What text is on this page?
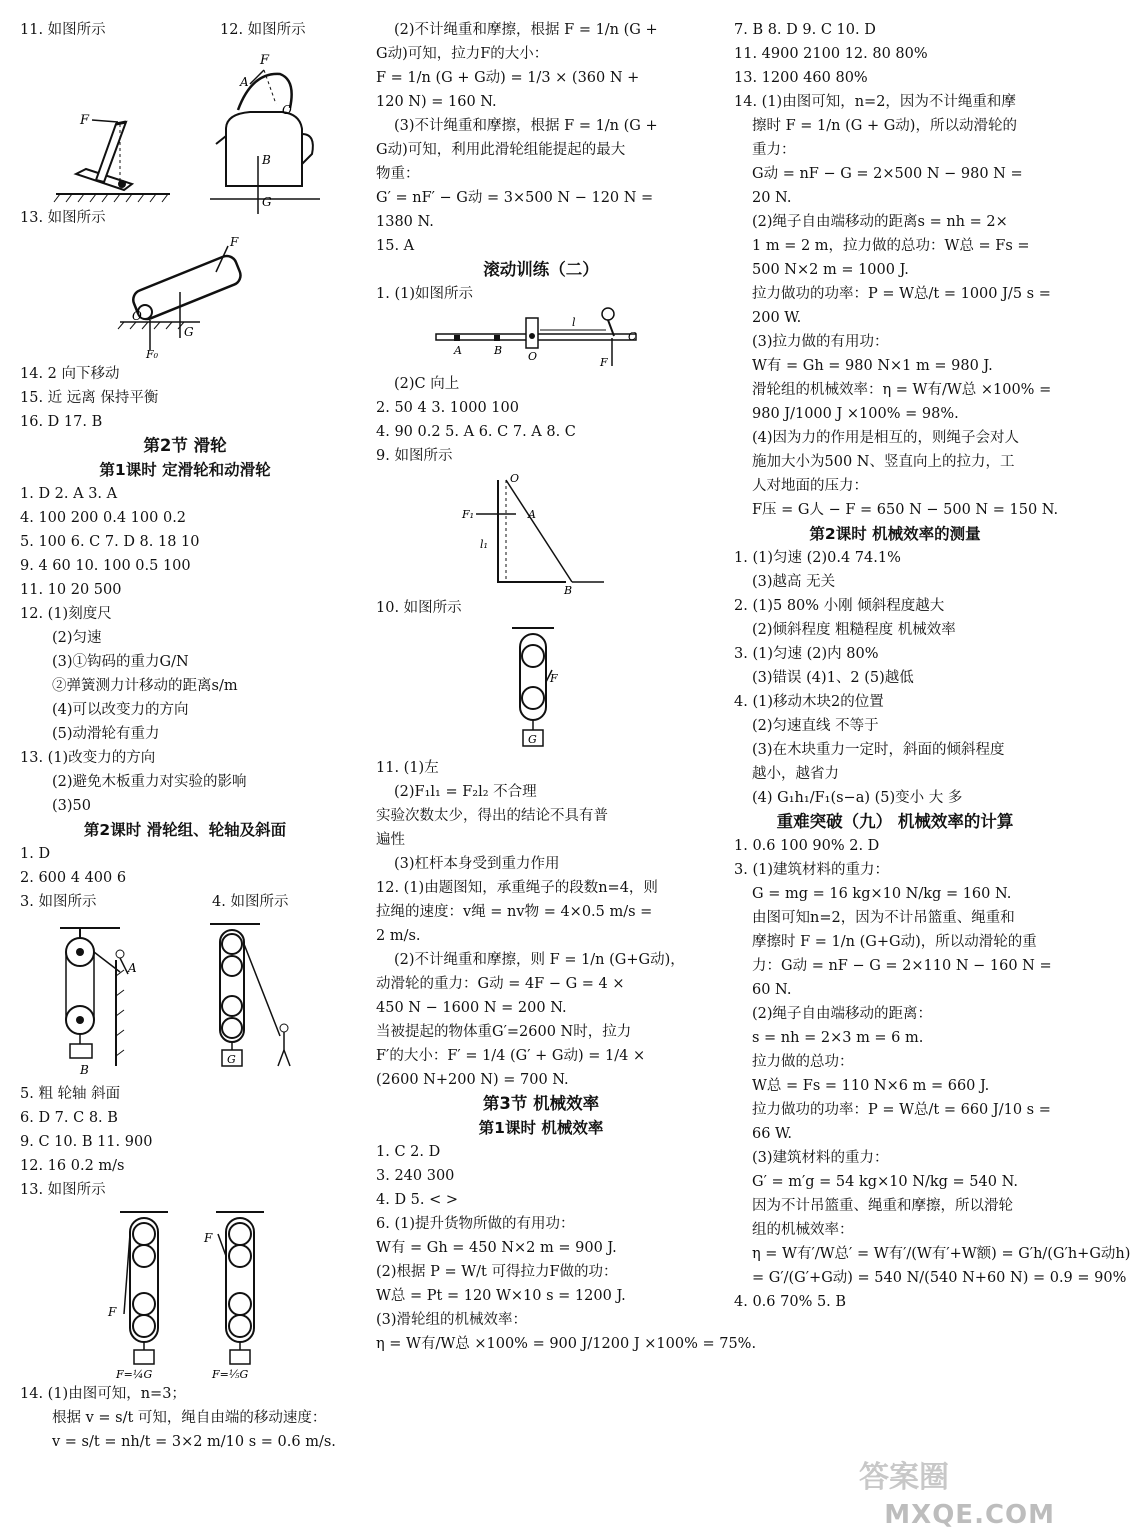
11. 如图所示	12. 如图所示
F
F
A
O
B
G
13. 如图所示
F
O
G
F₀
14. 2 向下移动
15. 近 远离 保持平衡
16. D 17. B
第2节 滑轮
第1课时 定滑轮和动滑轮
1. D 2. A 3. A
4. 100 200 0.4 100 0.2
5. 100 6. C 7. D 8. 18 10
9. 4 60 10. 100 0.5 100
11. 10 20 500
12. (1)刻度尺
(2)匀速
(3)①钩码的重力G/N
②弹簧测力计移动的距离s/m
(4)可以改变力的方向
(5)动滑轮有重力
13. (1)改变力的方向
(2)避免木板重力对实验的影响
(3)50
第2课时 滑轮组、轮轴及斜面
1. D
2. 600 4 400 6
3. 如图所示	4. 如图所示
B
A
G
5. 粗 轮轴 斜面
6. D 7. C 8. B
9. C 10. B 11. 900
12. 16 0.2 m/s
13. 如图所示
F
F=¼G
F
F=⅕G
14. (1)由图可知，n=3；
根据 v = s/t 可知，绳自由端的移动速度：
v = s/t = nh/t = 3×2 m/10 s = 0.6 m/s.
(2)不计绳重和摩擦，根据 F = 1/n (G +
G动)可知，拉力F的大小：
F = 1/n (G + G动) = 1/3 × (360 N +
120 N) = 160 N.
(3)不计绳重和摩擦，根据 F = 1/n (G +
G动)可知，利用此滑轮组能提起的最大
物重：
G′ = nF′ − G动 = 3×500 N − 120 N =
1380 N.
15. A
滚动训练（二）
1. (1)如图所示
A	B O
l
C
F
(2)C 向上
2. 50 4 3. 1000 100
4. 90 0.2 5. A 6. C 7. A 8. C
9. 如图所示
O
A
F₁
l₁
B
10. 如图所示
G
F
11. (1)左
(2)F₁l₁ = F₂l₂ 不合理
实验次数太少，得出的结论不具有普
遍性
(3)杠杆本身受到重力作用
12. (1)由题图知，承重绳子的段数n=4，则
拉绳的速度：v绳 = nv物 = 4×0.5 m/s =
2 m/s.
(2)不计绳重和摩擦，则 F = 1/n (G+G动)，
动滑轮的重力：G动 = 4F − G = 4 ×
450 N − 1600 N = 200 N.
当被提起的物体重G′=2600 N时，拉力
F′的大小：F′ = 1/4 (G′ + G动) = 1/4 ×
(2600 N+200 N) = 700 N.
第3节 机械效率
第1课时 机械效率
1. C 2. D
3. 240 300
4. D 5. < >
6. (1)提升货物所做的有用功：
W有 = Gh = 450 N×2 m = 900 J.
(2)根据 P = W/t 可得拉力F做的功：
W总 = Pt = 120 W×10 s = 1200 J.
(3)滑轮组的机械效率：
η = W有/W总 ×100% = 900 J/1200 J ×100% = 75%.
7. B 8. D 9. C 10. D
11. 4900 2100 12. 80 80%
13. 1200 460 80%
14. (1)由图可知，n=2，因为不计绳重和摩
擦时 F = 1/n (G + G动)，所以动滑轮的
重力：
G动 = nF − G = 2×500 N − 980 N =
20 N.
(2)绳子自由端移动的距离s = nh = 2×
1 m = 2 m，拉力做的总功：W总 = Fs =
500 N×2 m = 1000 J.
拉力做功的功率：P = W总/t = 1000 J/5 s =
200 W.
(3)拉力做的有用功：
W有 = Gh = 980 N×1 m = 980 J.
滑轮组的机械效率：η = W有/W总 ×100% =
980 J/1000 J ×100% = 98%.
(4)因为力的作用是相互的，则绳子会对人
施加大小为500 N、竖直向上的拉力，工
人对地面的压力：
F压 = G人 − F = 650 N − 500 N = 150 N.
第2课时 机械效率的测量
1. (1)匀速 (2)0.4 74.1%
(3)越高 无关
2. (1)5 80% 小刚 倾斜程度越大
(2)倾斜程度 粗糙程度 机械效率
3. (1)匀速 (2)内 80%
(3)错误 (4)1、2 (5)越低
4. (1)移动木块2的位置
(2)匀速直线 不等于
(3)在木块重力一定时，斜面的倾斜程度
越小，越省力
(4) G₁h₁/F₁(s−a) (5)变小 大 多
重难突破（九） 机械效率的计算
1. 0.6 100 90% 2. D
3. (1)建筑材料的重力：
G = mg = 16 kg×10 N/kg = 160 N.
由图可知n=2，因为不计吊篮重、绳重和
摩擦时 F = 1/n (G+G动)，所以动滑轮的重
力：G动 = nF − G = 2×110 N − 160 N =
60 N.
(2)绳子自由端移动的距离：
s = nh = 2×3 m = 6 m.
拉力做的总功：
W总 = Fs = 110 N×6 m = 660 J.
拉力做功的功率：P = W总/t = 660 J/10 s =
66 W.
(3)建筑材料的重力：
G′ = m′g = 54 kg×10 N/kg = 540 N.
因为不计吊篮重、绳重和摩擦，所以滑轮
组的机械效率：
η = W有′/W总′ = W有′/(W有′+W额) = G′h/(G′h+G动h)
= G′/(G′+G动) = 540 N/(540 N+60 N) = 0.9 = 90%
4. 0.6 70% 5. B
答案圈
MXQE.COM
